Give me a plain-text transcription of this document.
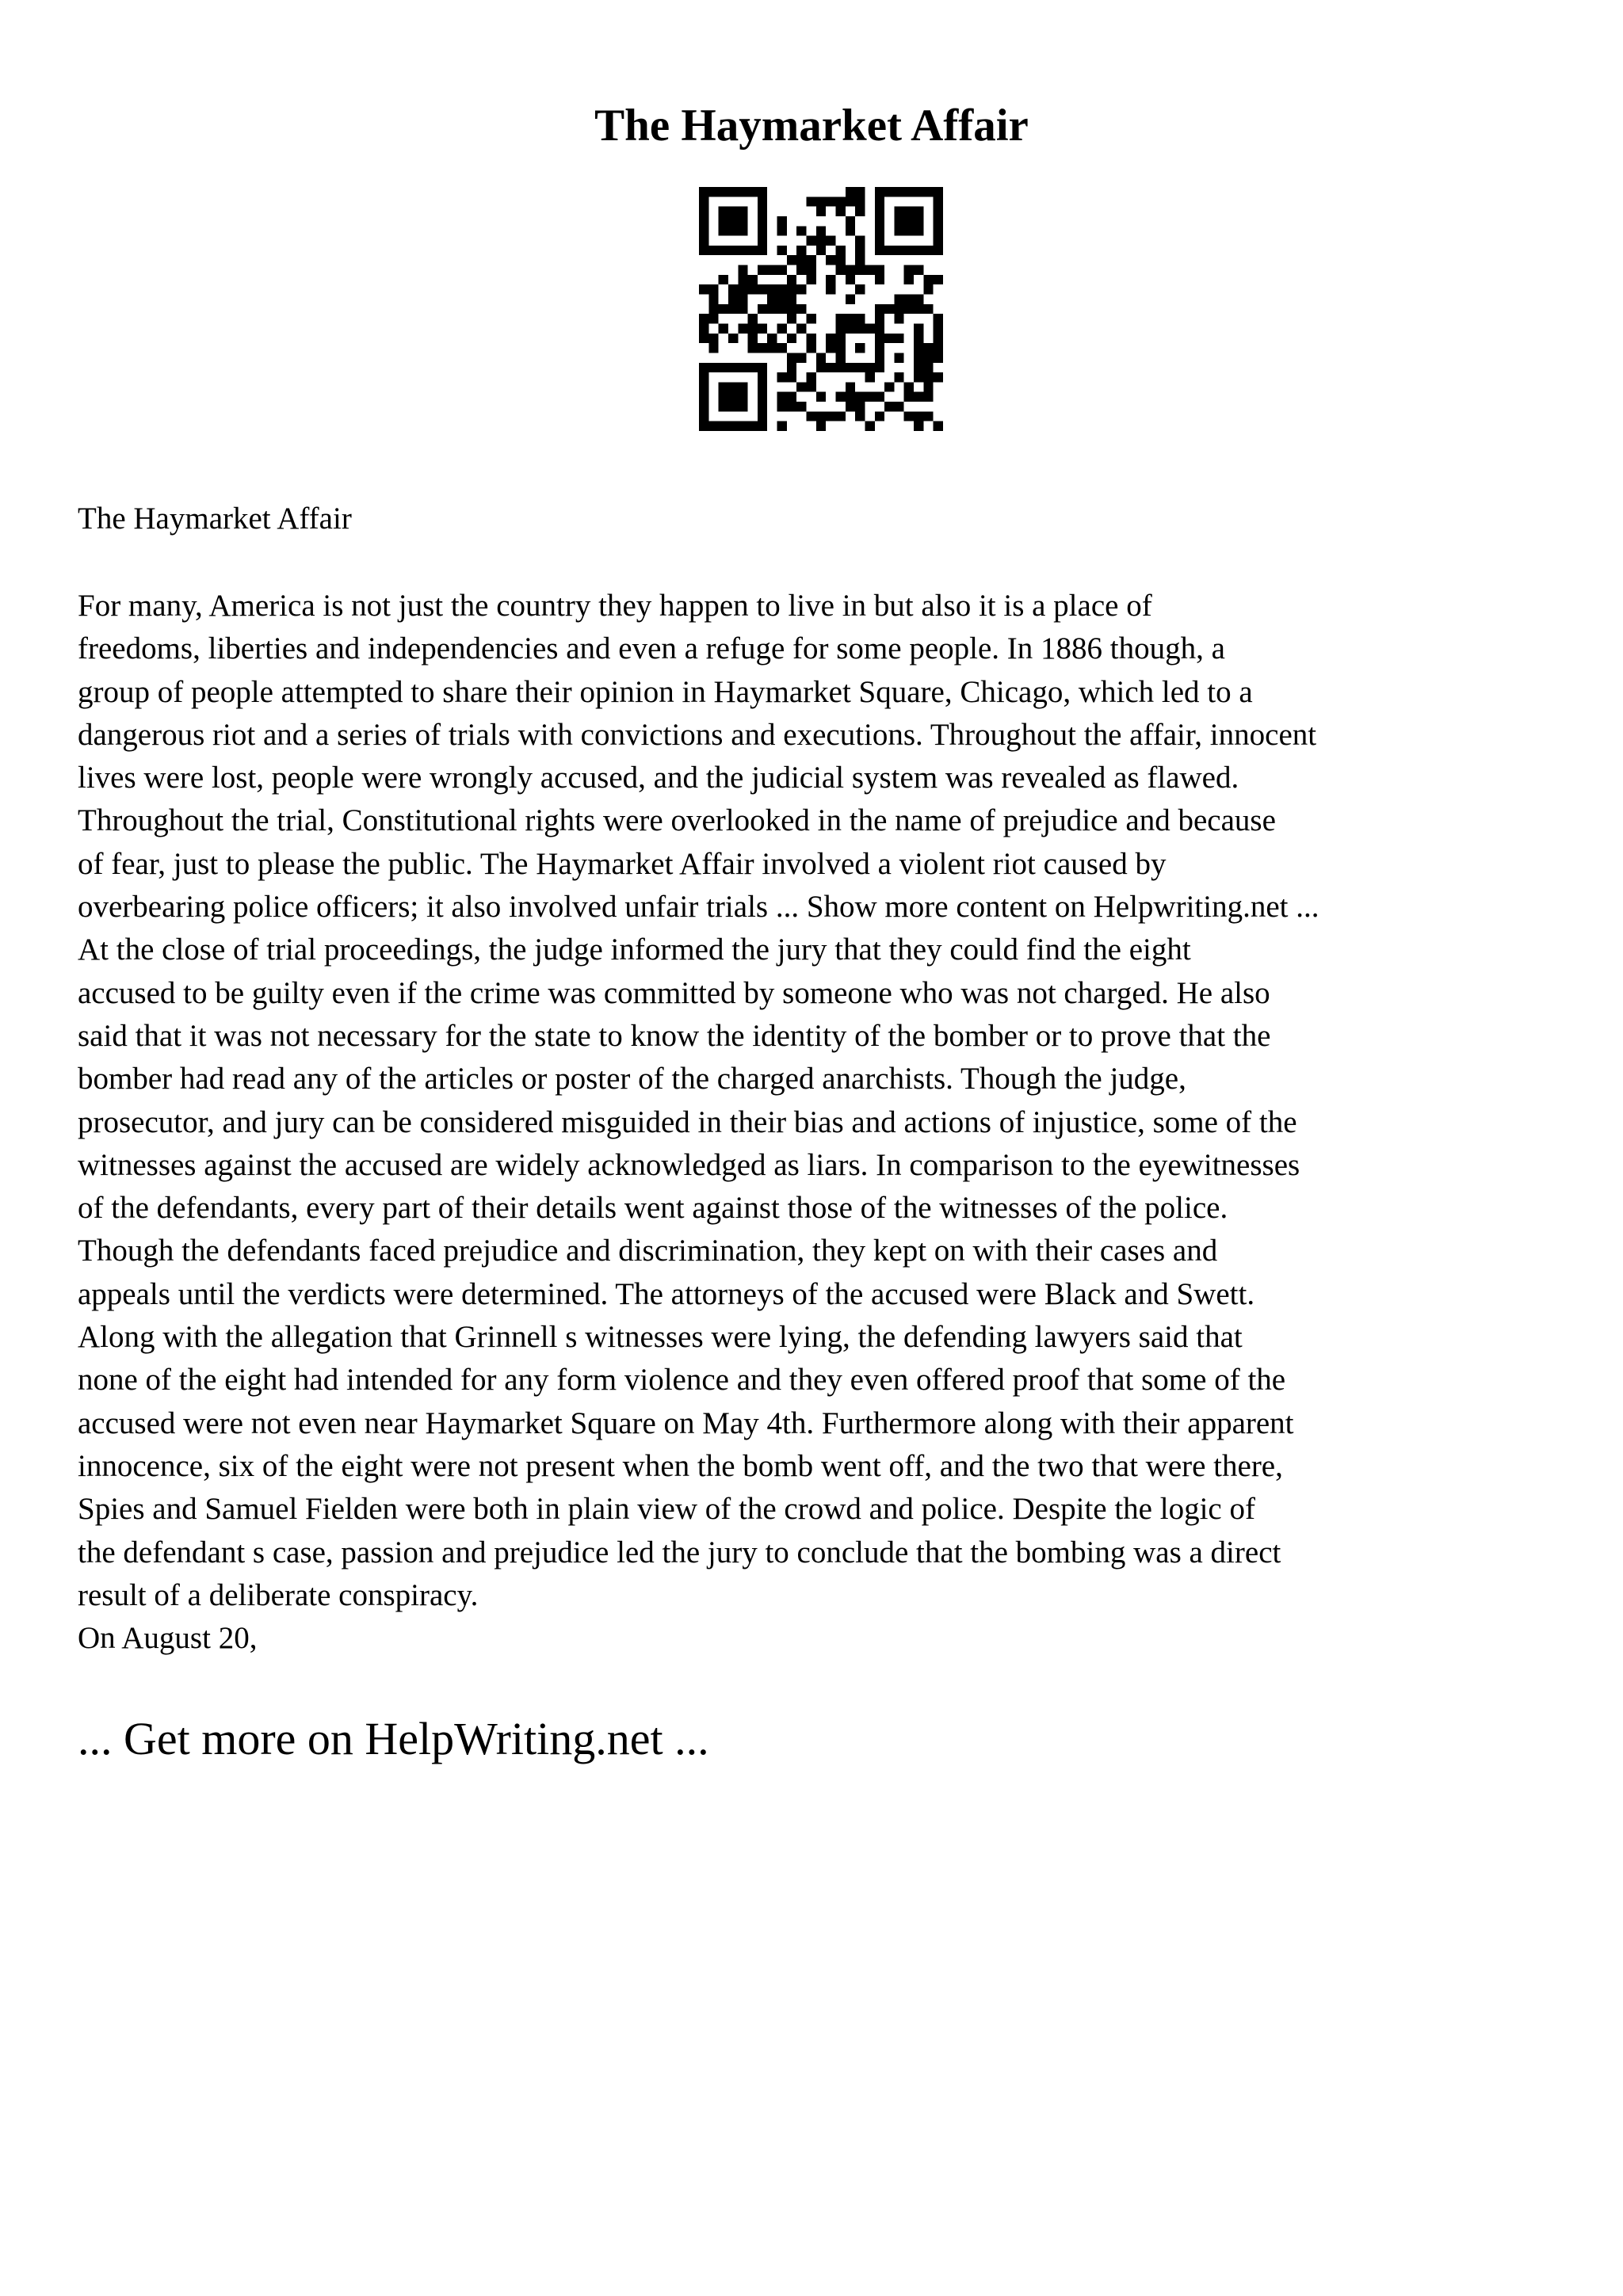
The Haymarket Affair

The Haymarket Affair

For many, America is not just the country they happen to live in but also it is a place of
freedoms, liberties and independencies and even a refuge for some people. In 1886 though, a
group of people attempted to share their opinion in Haymarket Square, Chicago, which led to a
dangerous riot and a series of trials with convictions and executions. Throughout the affair, innocent
lives were lost, people were wrongly accused, and the judicial system was revealed as flawed.
Throughout the trial, Constitutional rights were overlooked in the name of prejudice and because
of fear, just to please the public. The Haymarket Affair involved a violent riot caused by
overbearing police officers; it also involved unfair trials ... Show more content on Helpwriting.net ...
At the close of trial proceedings, the judge informed the jury that they could find the eight
accused to be guilty even if the crime was committed by someone who was not charged. He also
said that it was not necessary for the state to know the identity of the bomber or to prove that the
bomber had read any of the articles or poster of the charged anarchists. Though the judge,
prosecutor, and jury can be considered misguided in their bias and actions of injustice, some of the
witnesses against the accused are widely acknowledged as liars. In comparison to the eyewitnesses
of the defendants, every part of their details went against those of the witnesses of the police.
Though the defendants faced prejudice and discrimination, they kept on with their cases and
appeals until the verdicts were determined. The attorneys of the accused were Black and Swett.
Along with the allegation that Grinnell s witnesses were lying, the defending lawyers said that
none of the eight had intended for any form violence and they even offered proof that some of the
accused were not even near Haymarket Square on May 4th. Furthermore along with their apparent
innocence, six of the eight were not present when the bomb went off, and the two that were there,
Spies and Samuel Fielden were both in plain view of the crowd and police. Despite the logic of
the defendant s case, passion and prejudice led the jury to conclude that the bombing was a direct
result of a deliberate conspiracy.
On August 20,

... Get more on HelpWriting.net ...
